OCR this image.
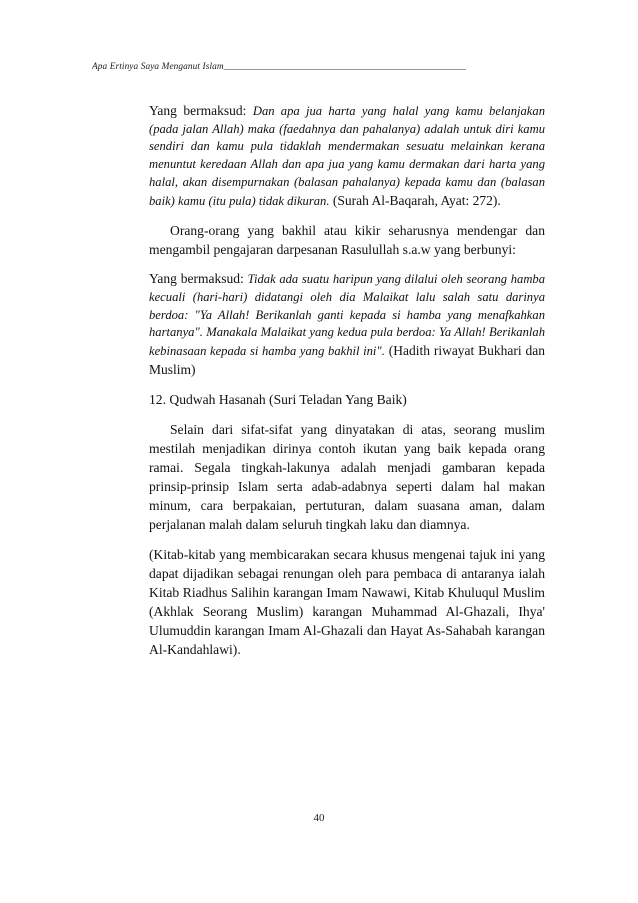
Apa Ertinya Saya Menganut Islam___________________________________________________

Yang bermaksud: Dan apa jua harta yang halal yang kamu belanjakan (pada jalan Allah) maka (faedahnya dan pahalanya) adalah untuk diri kamu sendiri dan kamu pula tidaklah mendermakan sesuatu melainkan kerana menuntut keredaan Allah dan apa jua yang kamu dermakan dari harta yang halal, akan disempurnakan (balasan pahalanya) kepada kamu dan (balasan baik) kamu (itu pula) tidak dikuran. (Surah Al-Baqarah, Ayat: 272).

Orang-orang yang bakhil atau kikir seharusnya mendengar dan mengambil pengajaran darpesanan Rasulullah s.a.w yang berbunyi:

Yang bermaksud: Tidak ada suatu haripun yang dilalui oleh seorang hamba kecuali (hari-hari) didatangi oleh dia Malaikat lalu salah satu darinya berdoa: "Ya Allah! Berikanlah ganti kepada si hamba yang menafkahkan hartanya". Manakala Malaikat yang kedua pula berdoa: Ya Allah! Berikanlah kebinasaan kepada si hamba yang bakhil ini". (Hadith riwayat Bukhari dan Muslim)

12. Qudwah Hasanah (Suri Teladan Yang Baik)

Selain dari sifat-sifat yang dinyatakan di atas, seorang muslim mestilah menjadikan dirinya contoh ikutan yang baik kepada orang ramai. Segala tingkah-lakunya adalah menjadi gambaran kepada prinsip-prinsip Islam serta adab-adabnya seperti dalam hal makan minum, cara berpakaian, pertuturan, dalam suasana aman, dalam perjalanan malah dalam seluruh tingkah laku dan diamnya.

(Kitab-kitab yang membicarakan secara khusus mengenai tajuk ini yang dapat dijadikan sebagai renungan oleh para pembaca di antaranya ialah Kitab Riadhus Salihin karangan Imam Nawawi, Kitab Khuluqul Muslim (Akhlak Seorang Muslim) karangan Muhammad Al-Ghazali, Ihya' Ulumuddin karangan Imam Al-Ghazali dan Hayat As-Sahabah karangan Al-Kandahlawi).

40
